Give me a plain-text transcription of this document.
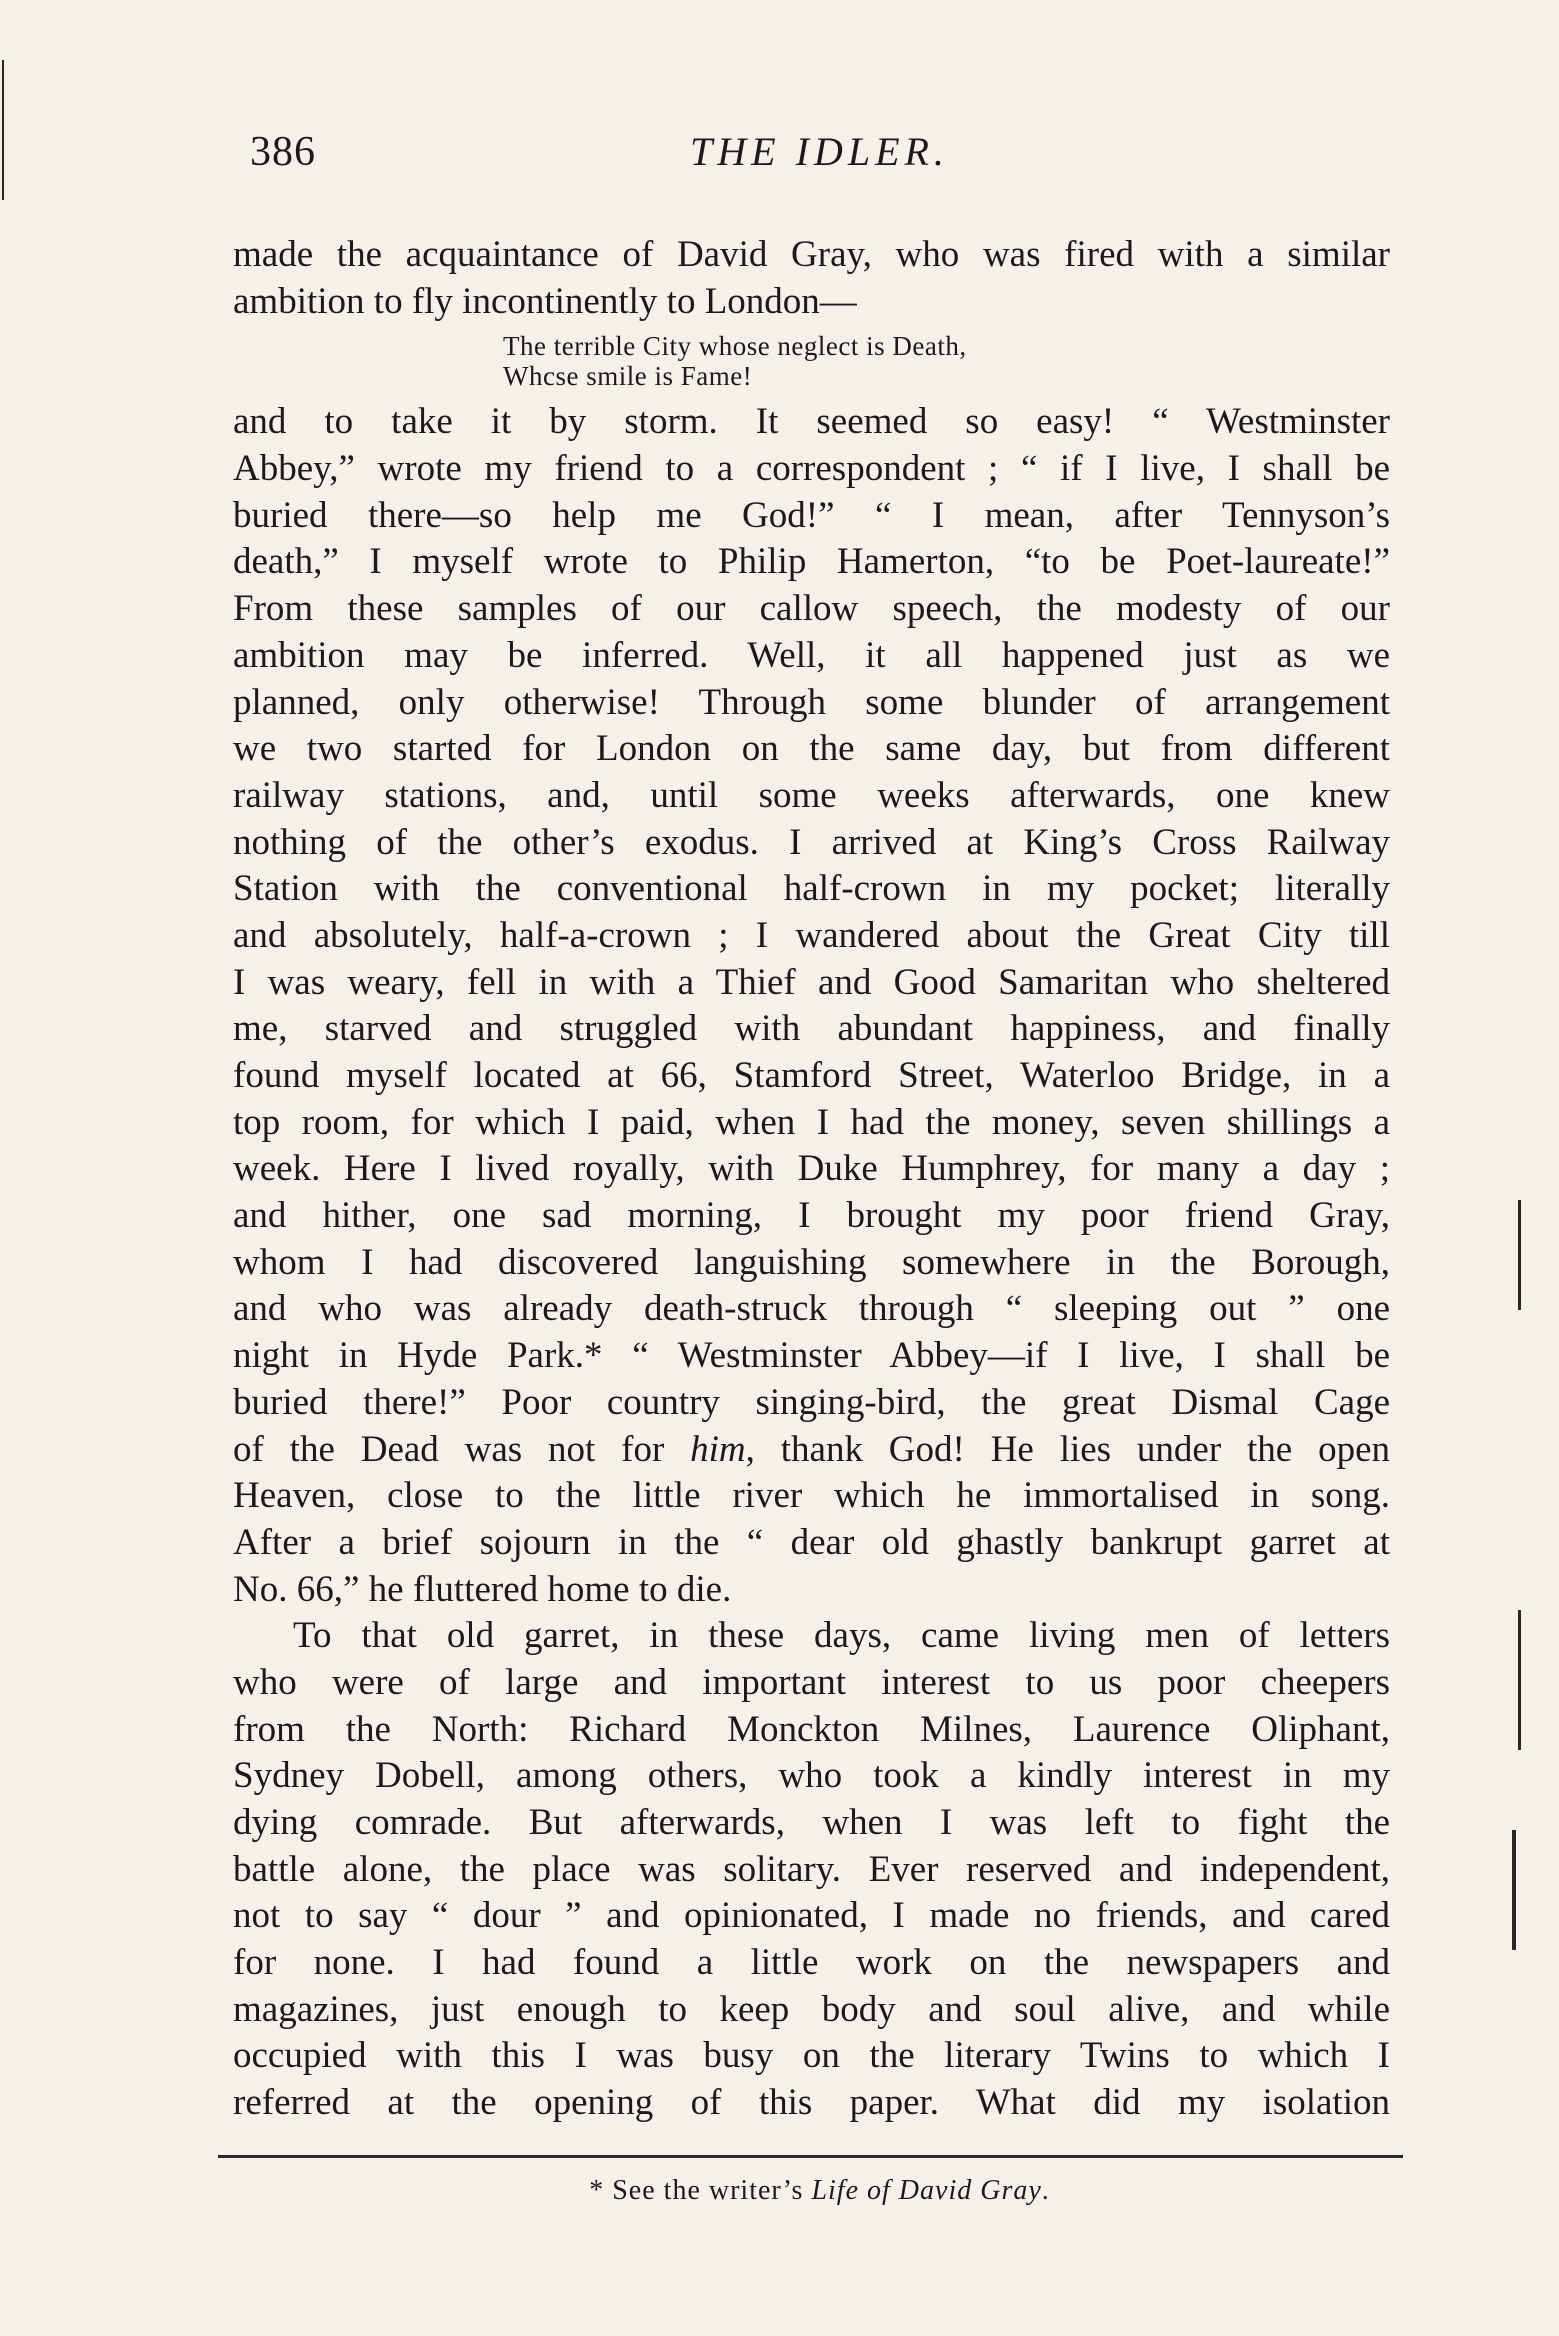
386	THE IDLER.
made the acquaintance of David Gray, who was fired with a similar
ambition to fly incontinently to London—
The terrible City whose neglect is Death,
Whcse smile is Fame!
and to take it by storm. It seemed so easy! “ Westminster
Abbey,” wrote my friend to a correspondent ; “ if I live, I shall be
buried there—so help me God!” “ I mean, after Tennyson’s
death,” I myself wrote to Philip Hamerton, “to be Poet-laureate!”
From these samples of our callow speech, the modesty of our
ambition may be inferred. Well, it all happened just as we
planned, only otherwise! Through some blunder of arrangement
we two started for London on the same day, but from different
railway stations, and, until some weeks afterwards, one knew
nothing of the other’s exodus. I arrived at King’s Cross Railway
Station with the conventional half-crown in my pocket; literally
and absolutely, half-a-crown ; I wandered about the Great City till
I was weary, fell in with a Thief and Good Samaritan who sheltered
me, starved and struggled with abundant happiness, and finally
found myself located at 66, Stamford Street, Waterloo Bridge, in a
top room, for which I paid, when I had the money, seven shillings a
week. Here I lived royally, with Duke Humphrey, for many a day ;
and hither, one sad morning, I brought my poor friend Gray,
whom I had discovered languishing somewhere in the Borough,
and who was already death-struck through “ sleeping out ” one
night in Hyde Park.* “ Westminster Abbey—if I live, I shall be
buried there!” Poor country singing-bird, the great Dismal Cage
of the Dead was not for him, thank God! He lies under the open
Heaven, close to the little river which he immortalised in song.
After a brief sojourn in the “ dear old ghastly bankrupt garret at
No. 66,” he fluttered home to die.
To that old garret, in these days, came living men of letters
who were of large and important interest to us poor cheepers
from the North: Richard Monckton Milnes, Laurence Oliphant,
Sydney Dobell, among others, who took a kindly interest in my
dying comrade. But afterwards, when I was left to fight the
battle alone, the place was solitary. Ever reserved and independent,
not to say “ dour ” and opinionated, I made no friends, and cared
for none. I had found a little work on the newspapers and
magazines, just enough to keep body and soul alive, and while
occupied with this I was busy on the literary Twins to which I
referred at the opening of this paper. What did my isolation
* See the writer’s Life of David Gray.
